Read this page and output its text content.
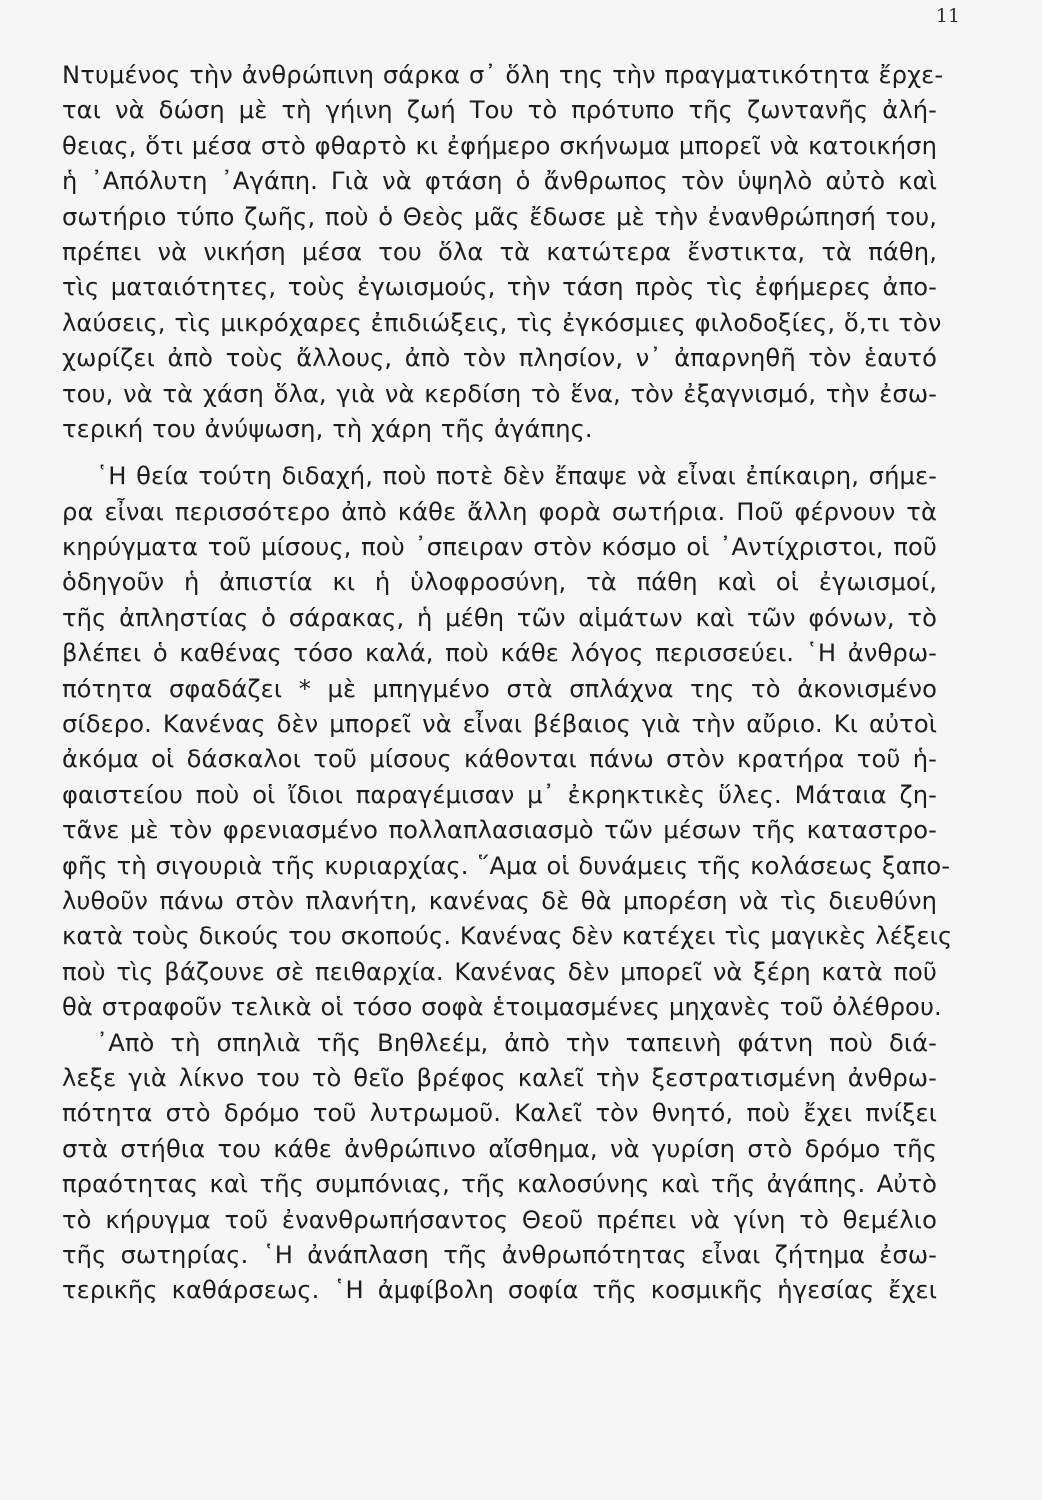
11
Ντυμένος τὴν ἀνθρώπινη σάρκα σ᾽ ὅλη της τὴν πραγματικότητα ἔρχε-
ται νὰ δώση μὲ τὴ γήινη ζωή Του τὸ πρότυπο τῆς ζωντανῆς ἀλή-
θειας, ὅτι μέσα στὸ φθαρτὸ κι ἐφήμερο σκήνωμα μπορεῖ νὰ κατοικήση
ἡ ᾽Απόλυτη ᾽Αγάπη. Γιὰ νὰ φτάση ὁ ἄνθρωπος τὸν ὑψηλὸ αὐτὸ καὶ
σωτήριο τύπο ζωῆς, ποὺ ὁ Θεὸς μᾶς ἔδωσε μὲ τὴν ἐνανθρώπησή του,
πρέπει νὰ νικήση μέσα του ὅλα τὰ κατώτερα ἔνστικτα, τὰ πάθη,
τὶς ματαιότητες, τοὺς ἐγωισμούς, τὴν τάση πρὸς τὶς ἐφήμερες ἀπο-
λαύσεις, τὶς μικρόχαρες ἐπιδιώξεις, τὶς ἐγκόσμιες φιλοδοξίες, ὅ,τι τὸν
χωρίζει ἀπὸ τοὺς ἄλλους, ἀπὸ τὸν πλησίον, ν᾽ ἀπαρνηθῆ τὸν ἑαυτό
του, νὰ τὰ χάση ὅλα, γιὰ νὰ κερδίση τὸ ἕνα, τὸν ἐξαγνισμό, τὴν ἐσω-
τερική του ἀνύψωση, τὴ χάρη τῆς ἀγάπης.
῾Η θεία τούτη διδαχή, ποὺ ποτὲ δὲν ἔπαψε νὰ εἶναι ἐπίκαιρη, σήμε-
ρα εἶναι περισσότερο ἀπὸ κάθε ἄλλη φορὰ σωτήρια. Ποῦ φέρνουν τὰ
κηρύγματα τοῦ μίσους, ποὺ ᾽σπειραν στὸν κόσμο οἱ ᾽Αντίχριστοι, ποῦ
ὁδηγοῦν ἡ ἀπιστία κι ἡ ὑλοφροσύνη, τὰ πάθη καὶ οἱ ἐγωισμοί,
τῆς ἀπληστίας ὁ σάρακας, ἡ μέθη τῶν αἱμάτων καὶ τῶν φόνων, τὸ
βλέπει ὁ καθένας τόσο καλά, ποὺ κάθε λόγος περισσεύει. ῾Η ἀνθρω-
πότητα σφαδάζει * μὲ μπηγμένο στὰ σπλάχνα της τὸ ἀκονισμένο
σίδερο. Κανένας δὲν μπορεῖ νὰ εἶναι βέβαιος γιὰ τὴν αὔριο. Κι αὐτοὶ
ἀκόμα οἱ δάσκαλοι τοῦ μίσους κάθονται πάνω στὸν κρατήρα τοῦ ἡ-
φαιστείου ποὺ οἱ ἴδιοι παραγέμισαν μ᾽ ἐκρηκτικὲς ὕλες. Μάταια ζη-
τᾶνε μὲ τὸν φρενιασμένο πολλαπλασιασμὸ τῶν μέσων τῆς καταστρο-
φῆς τὴ σιγουριὰ τῆς κυριαρχίας. ῞Αμα οἱ δυνάμεις τῆς κολάσεως ξαπο-
λυθοῦν πάνω στὸν πλανήτη, κανένας δὲ θὰ μπορέση νὰ τὶς διευθύνη
κατὰ τοὺς δικούς του σκοπούς. Κανένας δὲν κατέχει τὶς μαγικὲς λέξεις
ποὺ τὶς βάζουνε σὲ πειθαρχία. Κανένας δὲν μπορεῖ νὰ ξέρη κατὰ ποῦ
θὰ στραφοῦν τελικὰ οἱ τόσο σοφὰ ἑτοιμασμένες μηχανὲς τοῦ ὀλέθρου.
᾽Απὸ τὴ σπηλιὰ τῆς Βηθλεέμ, ἀπὸ τὴν ταπεινὴ φάτνη ποὺ διά-
λεξε γιὰ λίκνο του τὸ θεῖο βρέφος καλεῖ τὴν ξεστρατισμένη ἀνθρω-
πότητα στὸ δρόμο τοῦ λυτρωμοῦ. Καλεῖ τὸν θνητό, ποὺ ἔχει πνίξει
στὰ στήθια του κάθε ἀνθρώπινο αἴσθημα, νὰ γυρίση στὸ δρόμο τῆς
πραότητας καὶ τῆς συμπόνιας, τῆς καλοσύνης καὶ τῆς ἀγάπης. Αὐτὸ
τὸ κήρυγμα τοῦ ἐνανθρωπήσαντος Θεοῦ πρέπει νὰ γίνη τὸ θεμέλιο
τῆς σωτηρίας. ῾Η ἀνάπλαση τῆς ἀνθρωπότητας εἶναι ζήτημα ἐσω-
τερικῆς καθάρσεως. ῾Η ἀμφίβολη σοφία τῆς κοσμικῆς ἡγεσίας ἔχει
